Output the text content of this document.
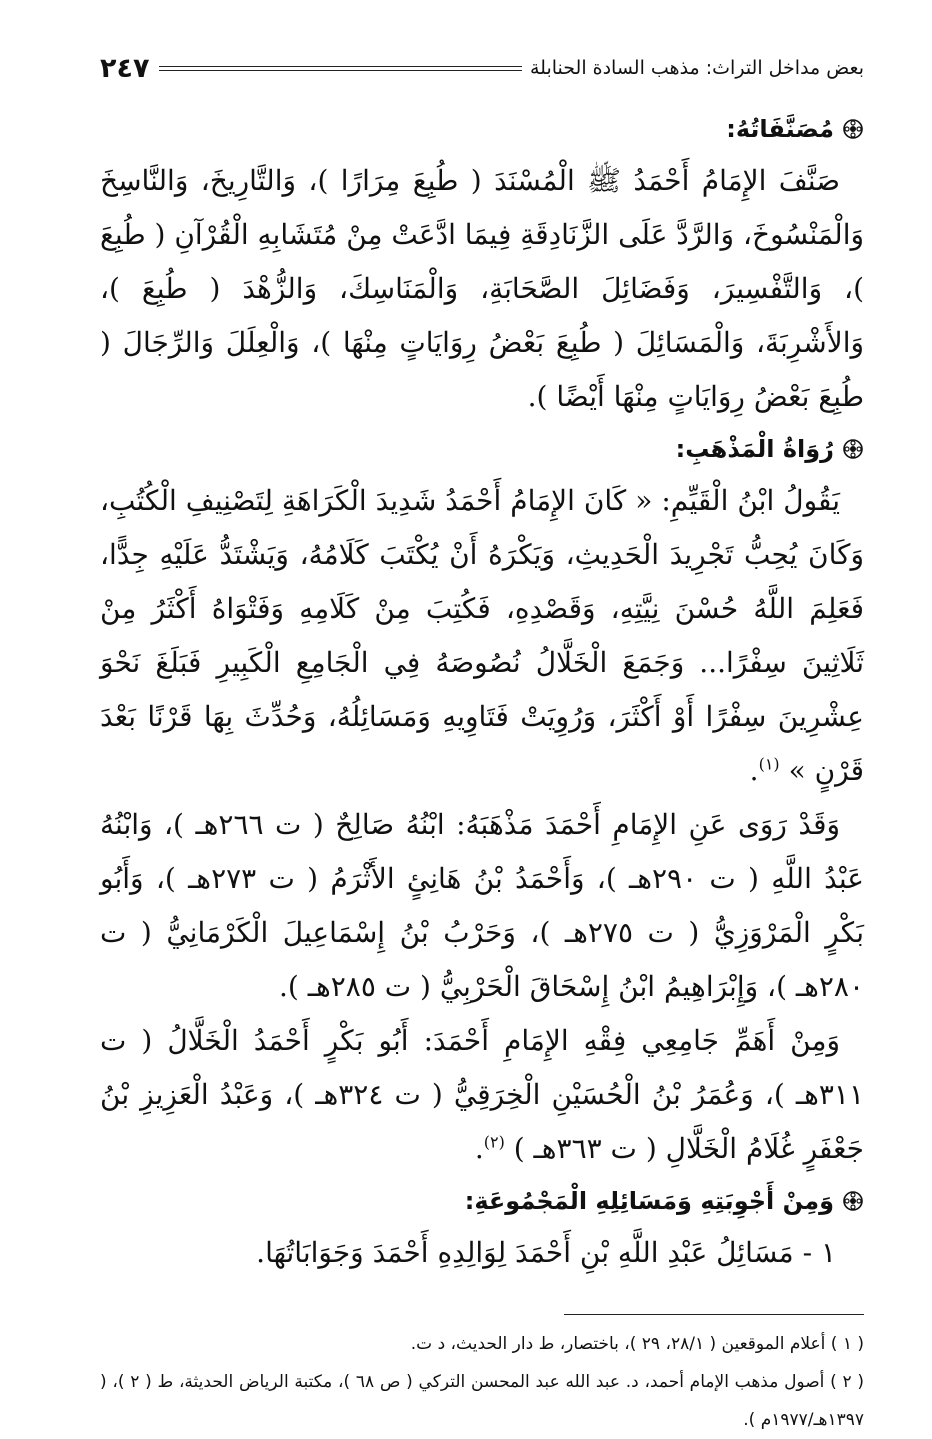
بعض مداخل التراث: مذهب السادة الحنابلة
٢٤٧
مُصَنَّفَاتُهُ:

صَنَّفَ الإِمَامُ أَحْمَدُ ﷺ الْمُسْنَدَ ( طُبِعَ مِرَارًا )، وَالتَّارِيخَ، وَالنَّاسِخَ وَالْمَنْسُوخَ، وَالرَّدَّ عَلَى الزَّنَادِقَةِ فِيمَا ادَّعَتْ مِنْ مُتَشَابِهِ الْقُرْآنِ ( طُبِعَ )، وَالتَّفْسِيرَ، وَفَضَائِلَ الصَّحَابَةِ، وَالْمَنَاسِكَ، وَالزُّهْدَ ( طُبِعَ )، وَالأَشْرِبَةَ، وَالْمَسَائِلَ ( طُبِعَ بَعْضُ رِوَايَاتٍ مِنْهَا )، وَالْعِلَلَ وَالرِّجَالَ ( طُبِعَ بَعْضُ رِوَايَاتٍ مِنْهَا أَيْضًا ).

رُوَاةُ الْمَذْهَبِ:

يَقُولُ ابْنُ الْقَيِّمِ: « كَانَ الإِمَامُ أَحْمَدُ شَدِيدَ الْكَرَاهَةِ لِتَصْنِيفِ الْكُتُبِ، وَكَانَ يُحِبُّ تَجْرِيدَ الْحَدِيثِ، وَيَكْرَهُ أَنْ يُكْتَبَ كَلَامُهُ، وَيَشْتَدُّ عَلَيْهِ جِدًّا، فَعَلِمَ اللَّهُ حُسْنَ نِيَّتِهِ، وَقَصْدِهِ، فَكُتِبَ مِنْ كَلَامِهِ وَفَتْوَاهُ أَكْثَرُ مِنْ ثَلَاثِينَ سِفْرًا... وَجَمَعَ الْخَلَّالُ نُصُوصَهُ فِي الْجَامِعِ الْكَبِيرِ فَبَلَغَ نَحْوَ عِشْرِينَ سِفْرًا أَوْ أَكْثَرَ، وَرُوِيَتْ فَتَاوِيهِ وَمَسَائِلُهُ، وَحُدِّثَ بِهَا قَرْنًا بَعْدَ قَرْنٍ » $^{(١)}$.

وَقَدْ رَوَى عَنِ الإِمَامِ أَحْمَدَ مَذْهَبَهُ: ابْنُهُ صَالِحٌ ( ت ٢٦٦هـ )، وَابْنُهُ عَبْدُ اللَّهِ ( ت ٢٩٠هـ )، وَأَحْمَدُ بْنُ هَانِئٍ الأَثْرَمُ ( ت ٢٧٣هـ )، وَأَبُو بَكْرٍ الْمَرْوَزِيُّ ( ت ٢٧٥هـ )، وَحَرْبُ بْنُ إِسْمَاعِيلَ الْكَرْمَانِيُّ ( ت ٢٨٠هـ )، وَإِبْرَاهِيمُ ابْنُ إِسْحَاقَ الْحَرْبِيُّ ( ت ٢٨٥هـ ).

وَمِنْ أَهَمِّ جَامِعِي فِقْهِ الإِمَامِ أَحْمَدَ: أَبُو بَكْرٍ أَحْمَدُ الْخَلَّالُ ( ت ٣١١هـ )، وَعُمَرُ بْنُ الْحُسَيْنِ الْخِرَقِيُّ ( ت ٣٢٤هـ )، وَعَبْدُ الْعَزِيزِ بْنُ جَعْفَرٍ غُلَامُ الْخَلَّالِ ( ت ٣٦٣هـ ) $^{(٢)}$.

وَمِنْ أَجْوِبَتِهِ وَمَسَائِلِهِ الْمَجْمُوعَةِ:

١ - مَسَائِلُ عَبْدِ اللَّهِ بْنِ أَحْمَدَ لِوَالِدِهِ أَحْمَدَ وَجَوَابَاتُهَا.

( ١ ) أعلام الموقعين ( ٢٨/١، ٢٩ )، باختصار، ط دار الحديث، د ت.

( ٢ ) أصول مذهب الإمام أحمد، د. عبد الله عبد المحسن التركي ( ص ٦٨ )، مكتبة الرياض الحديثة، ط ( ٢ )، ( ١٣٩٧هـ/١٩٧٧م ).
